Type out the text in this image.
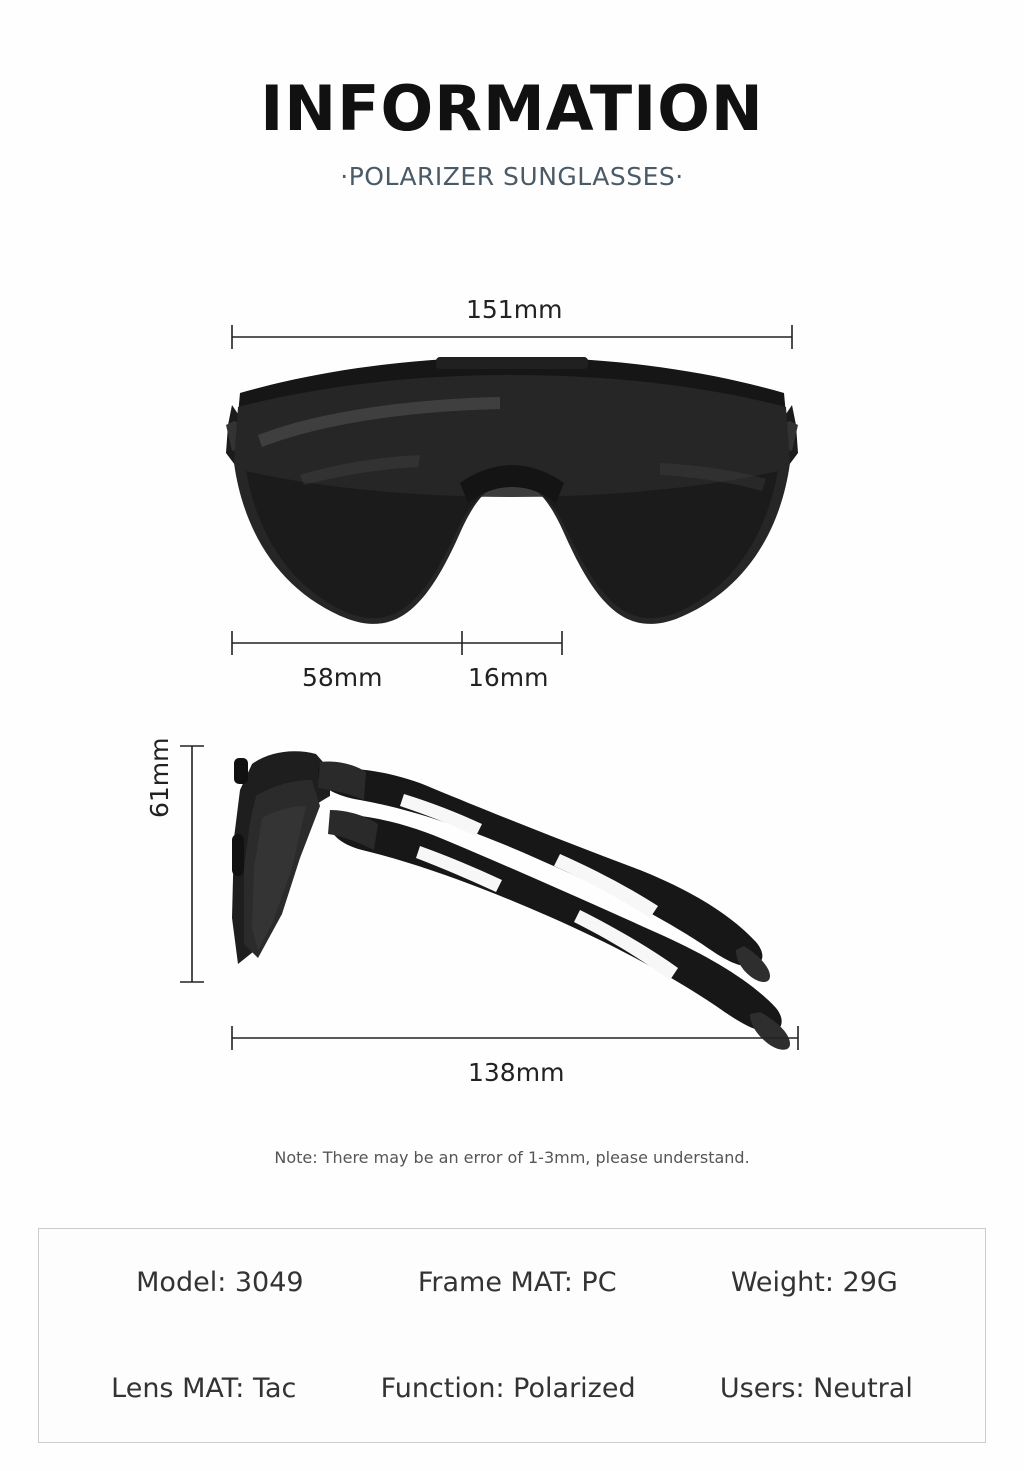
INFORMATION

·POLARIZER SUNGLASSES·

151mm
58mm	16mm
61mm
138mm
Note: There may be an error of 1-3mm, please understand.
Model: 3049	Frame MAT: PC	Weight: 29G
Lens MAT: Tac	Function: Polarized	Users: Neutral
